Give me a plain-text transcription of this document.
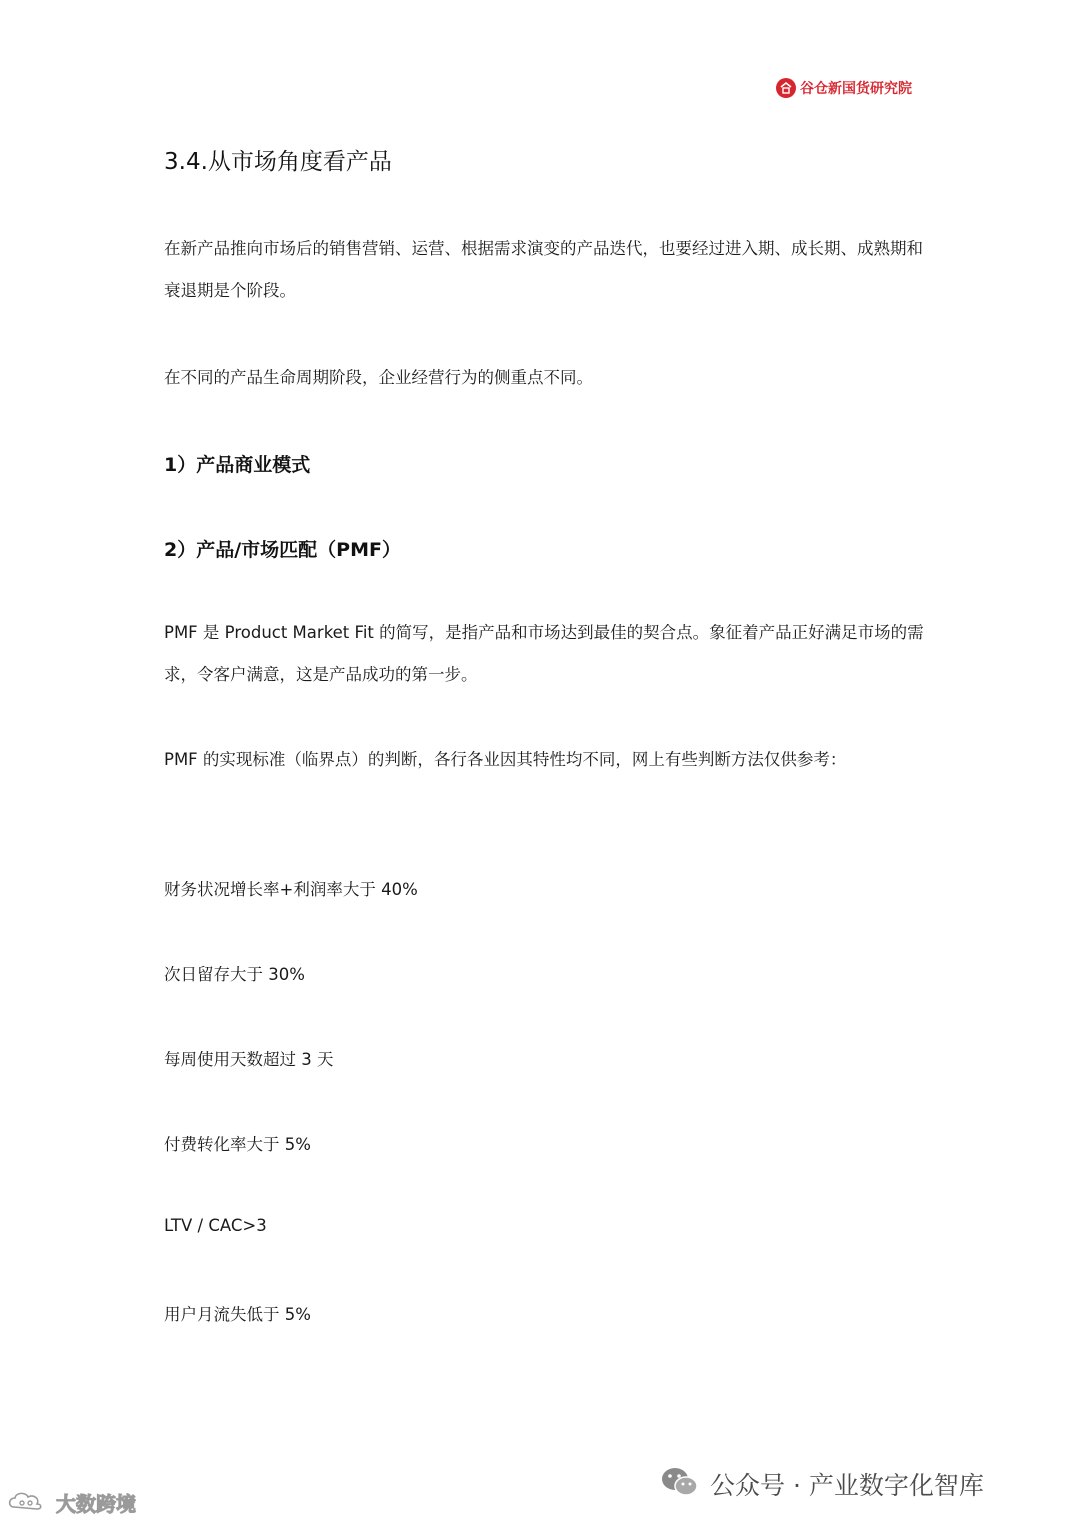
谷仓新国货研究院
3.4.从市场角度看产品

在新产品推向市场后的销售营销、运营、根据需求演变的产品迭代，也要经过进入期、成长期、成熟期和衰退期是个阶段。

在不同的产品生命周期阶段，企业经营行为的侧重点不同。

1）产品商业模式
2）产品/市场匹配（PMF）

PMF 是 Product Market Fit 的简写，是指产品和市场达到最佳的契合点。象征着产品正好满足市场的需求，令客户满意，这是产品成功的第一步。

PMF 的实现标准（临界点）的判断，各行各业因其特性均不同，网上有些判断方法仅供参考：

财务状况增长率+利润率大于 40%
次日留存大于 30%
每周使用天数超过 3 天
付费转化率大于 5%
LTV / CAC>3
用户月流失低于 5%
公众号 · 产业数字化智库
大数跨境
